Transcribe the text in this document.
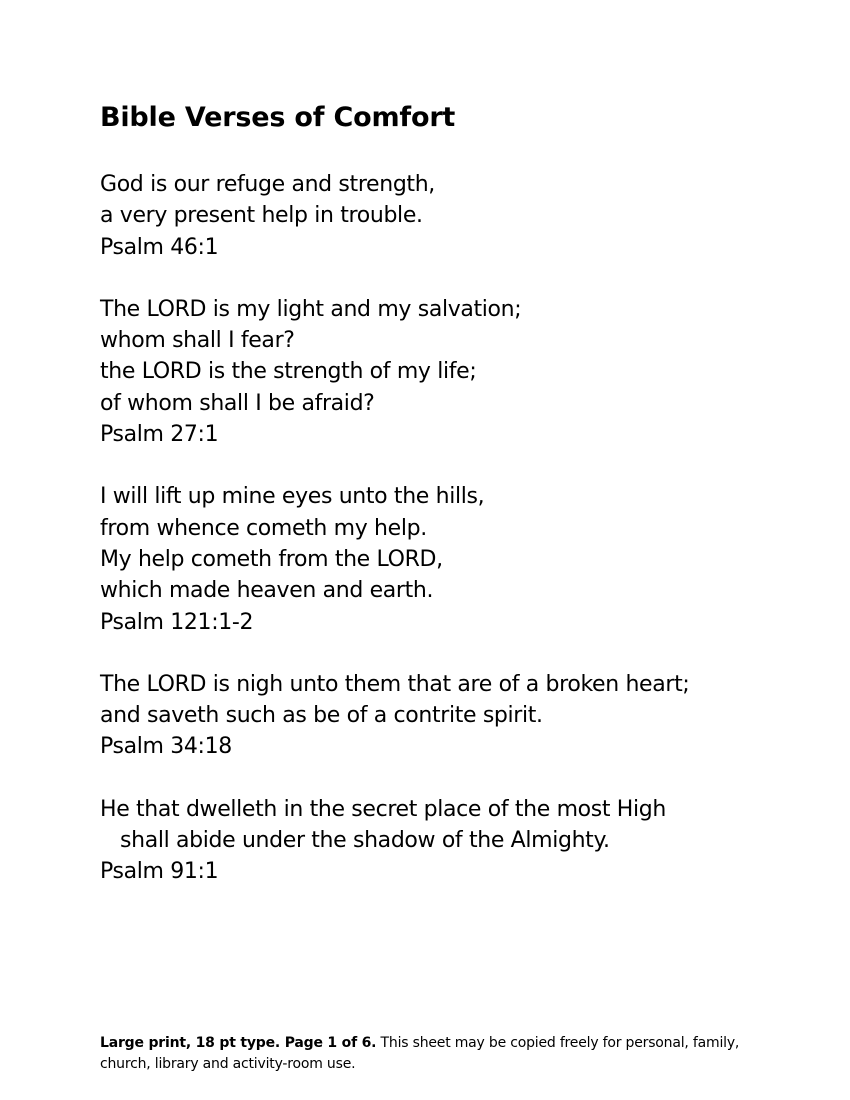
Bible Verses of Comfort
God is our refuge and strength,
a very present help in trouble.
Psalm 46:1
The LORD is my light and my salvation;
whom shall I fear?
the LORD is the strength of my life;
of whom shall I be afraid?
Psalm 27:1
I will lift up mine eyes unto the hills,
from whence cometh my help.
My help cometh from the LORD,
which made heaven and earth.
Psalm 121:1-2
The LORD is nigh unto them that are of a broken heart;
and saveth such as be of a contrite spirit.
Psalm 34:18
He that dwelleth in the secret place of the most High
shall abide under the shadow of the Almighty.
Psalm 91:1
Large print, 18 pt type. Page 1 of 6. This sheet may be copied freely for personal, family, church, library and activity-room use.
